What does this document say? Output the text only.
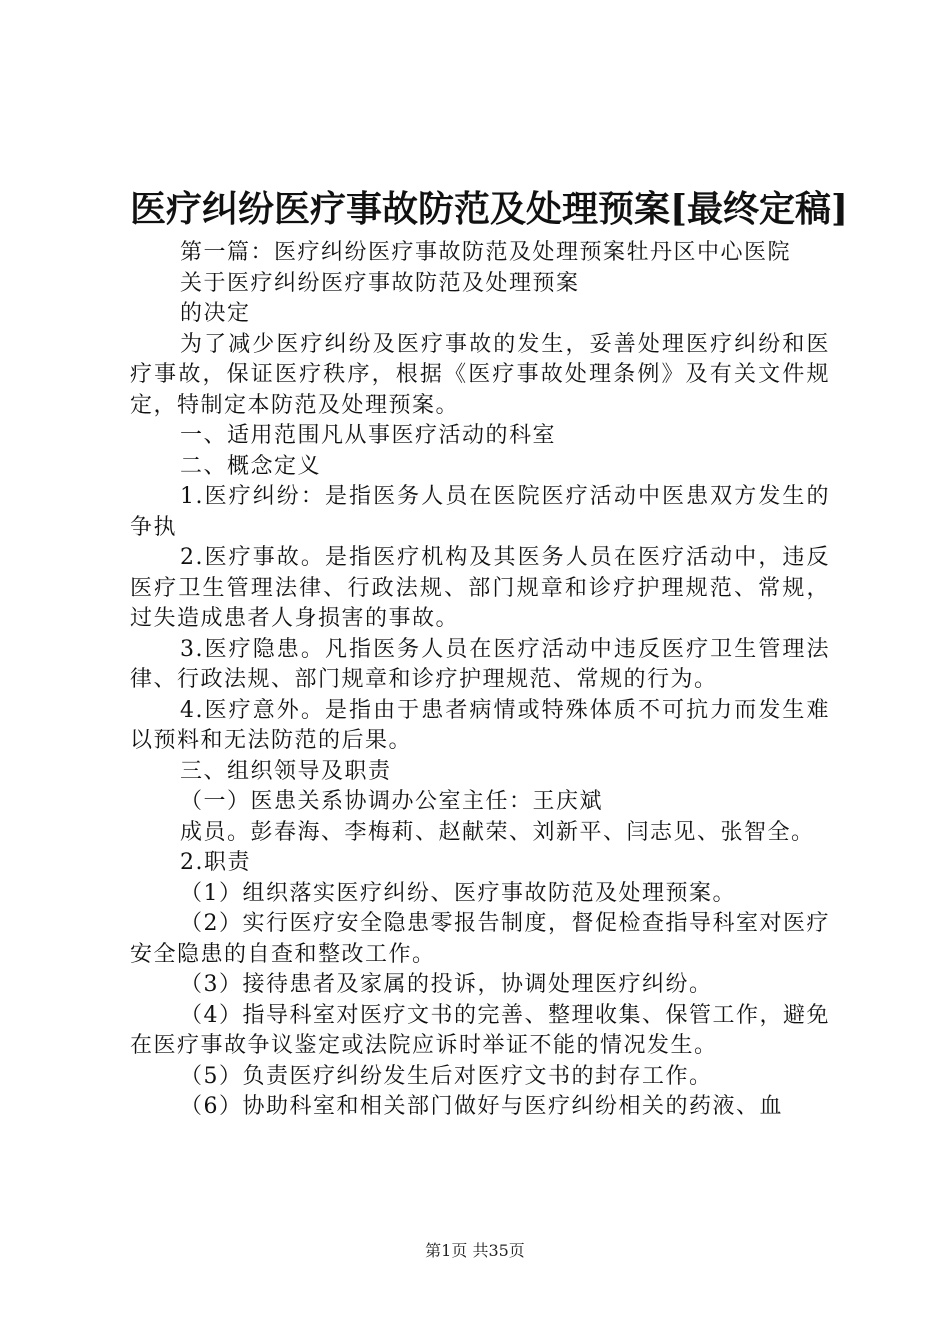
医疗纠纷医疗事故防范及处理预案[最终定稿]

第一篇：医疗纠纷医疗事故防范及处理预案牡丹区中心医院

关于医疗纠纷医疗事故防范及处理预案

的决定

为了减少医疗纠纷及医疗事故的发生，妥善处理医疗纠纷和医疗事故，保证医疗秩序，根据《医疗事故处理条例》及有关文件规定，特制定本防范及处理预案。

一、适用范围凡从事医疗活动的科室

二、概念定义

1.医疗纠纷：是指医务人员在医院医疗活动中医患双方发生的争执

2.医疗事故。是指医疗机构及其医务人员在医疗活动中，违反医疗卫生管理法律、行政法规、部门规章和诊疗护理规范、常规，过失造成患者人身损害的事故。

3.医疗隐患。凡指医务人员在医疗活动中违反医疗卫生管理法律、行政法规、部门规章和诊疗护理规范、常规的行为。

4.医疗意外。是指由于患者病情或特殊体质不可抗力而发生难以预料和无法防范的后果。

三、组织领导及职责

（一）医患关系协调办公室主任：王庆斌

成员。彭春海、李梅莉、赵献荣、刘新平、闫志见、张智全。

2.职责

（1）组织落实医疗纠纷、医疗事故防范及处理预案。

（2）实行医疗安全隐患零报告制度，督促检查指导科室对医疗安全隐患的自查和整改工作。

（3）接待患者及家属的投诉，协调处理医疗纠纷。

（4）指导科室对医疗文书的完善、整理收集、保管工作，避免在医疗事故争议鉴定或法院应诉时举证不能的情况发生。

（5）负责医疗纠纷发生后对医疗文书的封存工作。

（6）协助科室和相关部门做好与医疗纠纷相关的药液、血

第1页 共35页
